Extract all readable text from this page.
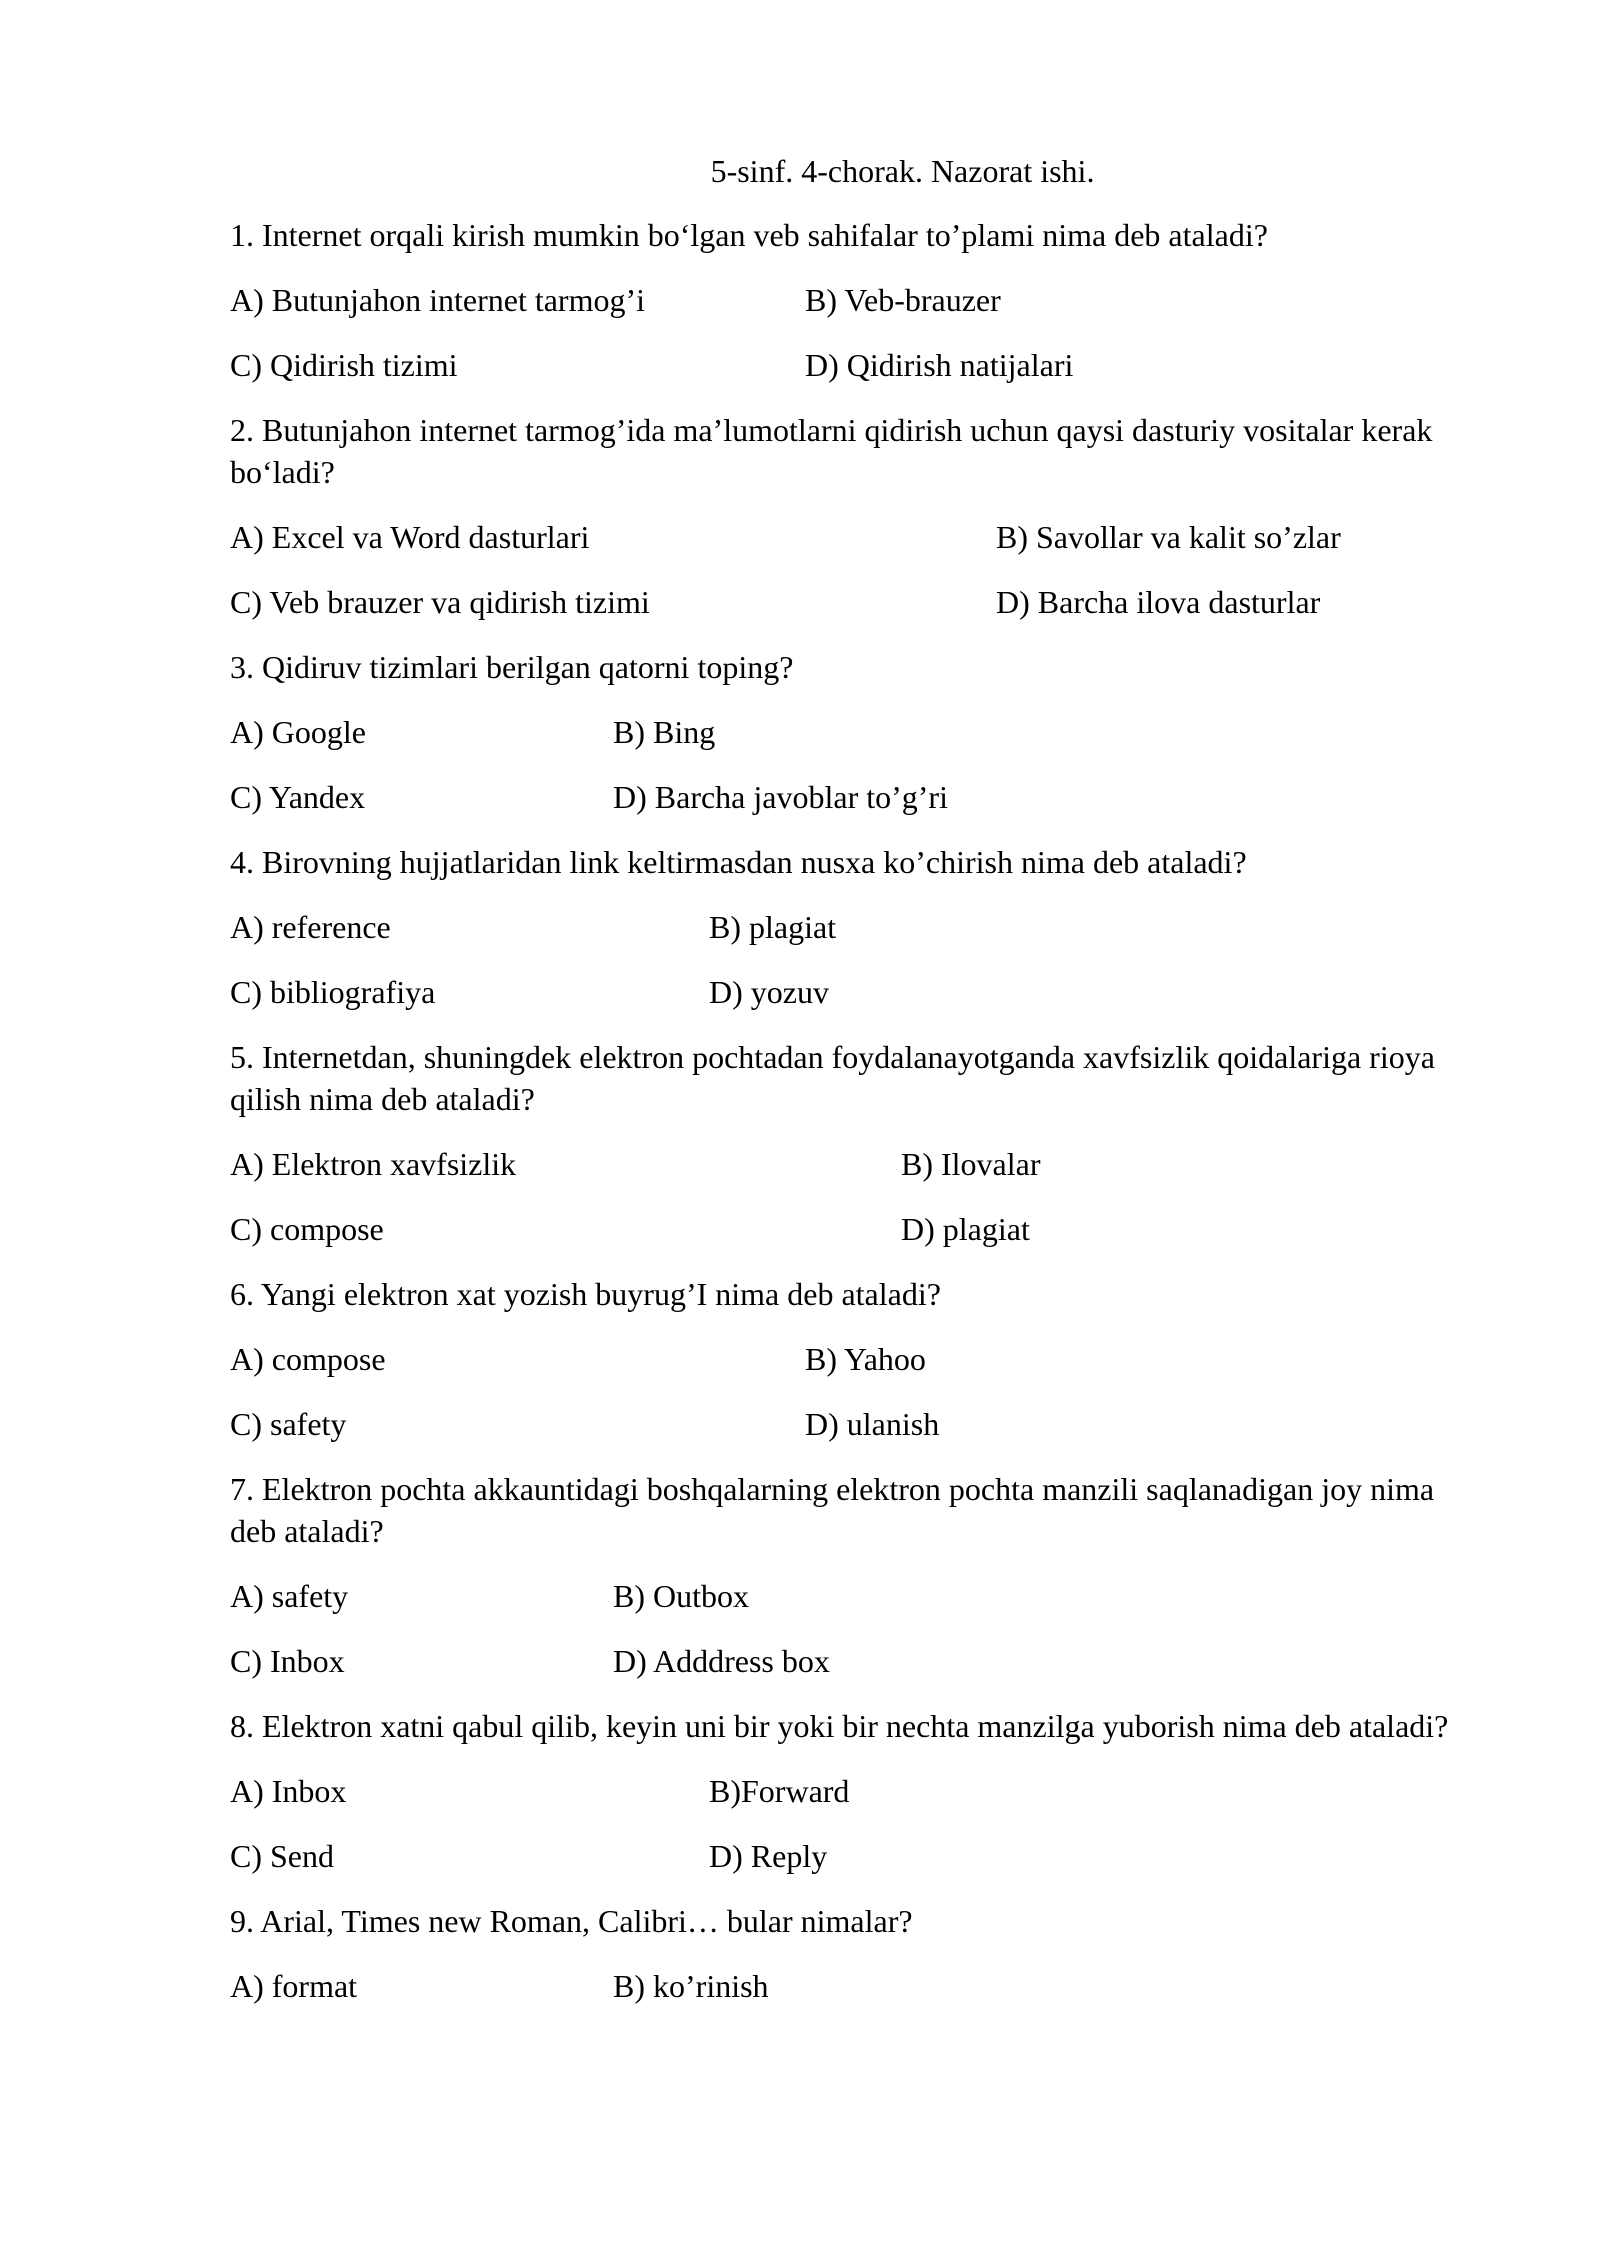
5-sinf. 4-chorak. Nazorat ishi.
1. Internet orqali kirish mumkin bo‘lgan veb sahifalar to’plami nima deb ataladi?
A) Butunjahon internet tarmog’i	B) Veb-brauzer
C) Qidirish tizimi	D) Qidirish natijalari
2. Butunjahon internet tarmog’ida ma’lumotlarni qidirish uchun qaysi dasturiy vositalar kerak bo‘ladi?
A) Excel va Word dasturlari	B) Savollar va kalit so’zlar
C) Veb brauzer va qidirish tizimi	D) Barcha ilova dasturlar
3. Qidiruv tizimlari berilgan qatorni toping?
A) Google	B) Bing
C) Yandex	D) Barcha javoblar to’g’ri
4. Birovning hujjatlaridan link keltirmasdan nusxa ko’chirish nima deb ataladi?
A) reference	B) plagiat
C) bibliografiya	D) yozuv
5. Internetdan, shuningdek elektron pochtadan foydalanayotganda xavfsizlik qoidalariga rioya qilish nima deb ataladi?
A) Elektron xavfsizlik	B) Ilovalar
C) compose	D) plagiat
6. Yangi elektron xat yozish buyrug’I nima deb ataladi?
A) compose	B) Yahoo
C) safety	D) ulanish
7. Elektron pochta akkauntidagi boshqalarning elektron pochta manzili saqlanadigan joy nima deb ataladi?
A) safety	B) Outbox
C) Inbox	D) Adddress box
8. Elektron xatni qabul qilib, keyin uni bir yoki bir nechta manzilga yuborish nima deb ataladi?
A) Inbox	B)Forward
C) Send	D) Reply
9. Arial, Times new Roman, Calibri… bular nimalar?
A) format	B) ko’rinish
